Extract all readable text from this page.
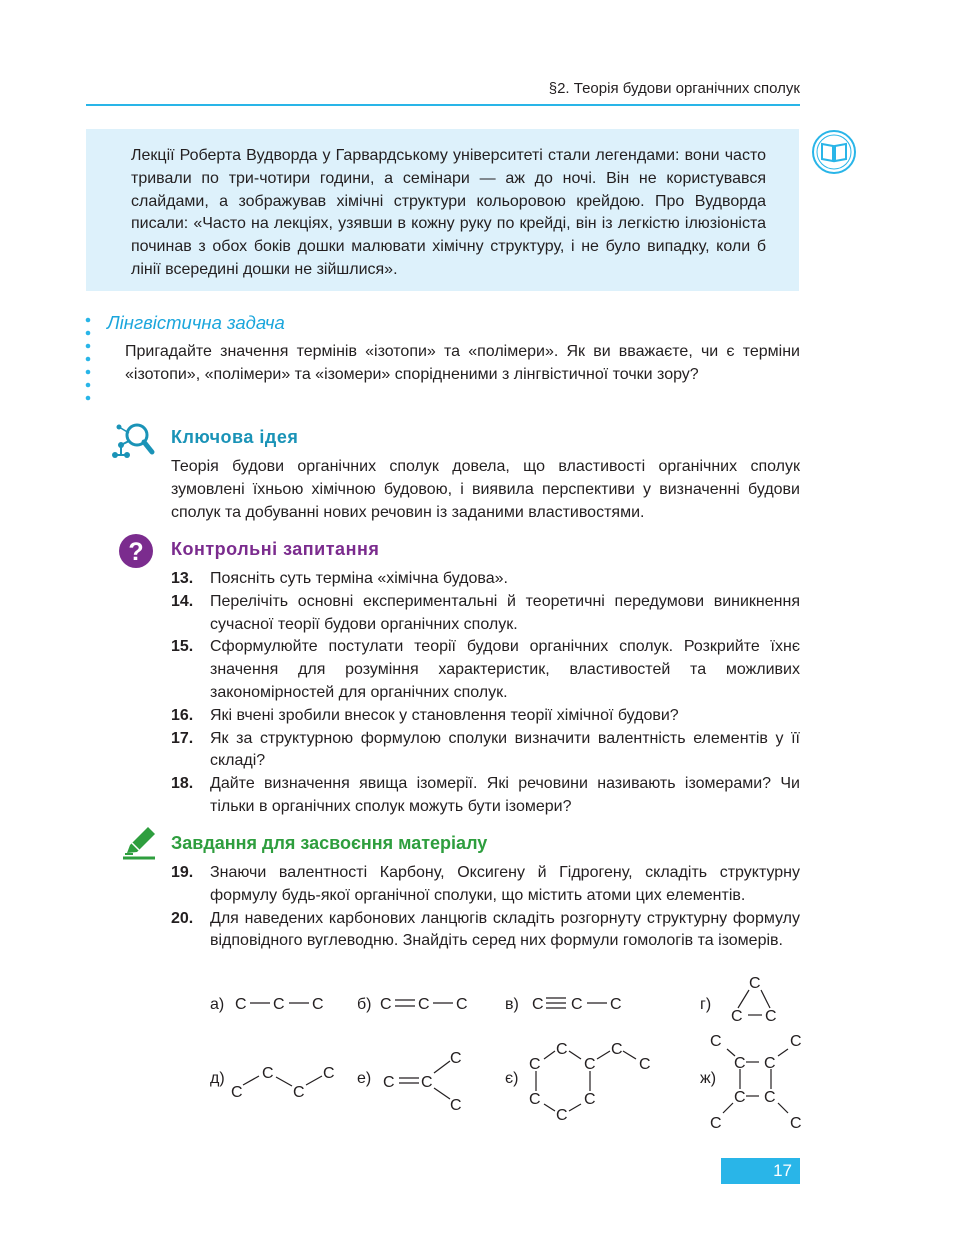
§2. Теорія будови органічних сполук
Лекції Роберта Вудворда у Гарвардському університеті стали легендами: вони часто тривали по три-чотири години, а семінари — аж до ночі. Він не користувався слайдами, а зображував хімічні структури кольоровою крейдою. Про Вудворда писали: «Часто на лекціях, узявши в кожну руку по крейді, він із легкістю ілюзіоніста починав з обох боків дошки малювати хімічну структуру, і не було випадку, коли б лінії всередині дошки не зійшлися».
Лінгвістична задача
Пригадайте значення термінів «ізотопи» та «полімери». Як ви вважаєте, чи є терміни «ізотопи», «полімери» та «ізомери» спорідненими з лінгвістичної точки зору?
Ключова ідея
Теорія будови органічних сполук довела, що властивості органічних сполук зумовлені їхньою хімічною будовою, і виявила перспективи у визначенні будови сполук та добуванні нових речовин із заданими властивостями.
? Контрольні запитання
13.	Поясніть суть терміна «хімічна будова».
14.	Перелічіть основні експериментальні й теоретичні передумови виникнення сучасної теорії будови органічних сполук.
15.	Сформулюйте постулати теорії будови органічних сполук. Розкрийте їхнє значення для розуміння характеристик, властивостей та можливих закономірностей для органічних сполук.
16.	Які вчені зробили внесок у становлення теорії хімічної будови?
17.	Як за структурною формулою сполуки визначити валентність елементів у її складі?
18.	Дайте визначення явища ізомерії. Які речовини називають ізомерами? Чи тільки в органічних сполук можуть бути ізомери?
Завдання для засвоєння матеріалу
19.	Знаючи валентності Карбону, Оксигену й Гідрогену, складіть структурну формулу будь-якої органічної сполуки, що містить атоми цих елементів.
20.	Для наведених карбонових ланцюгів складіть розгорнуту структурну формулу відповідного вуглеводню. Знайдіть серед них формули гомологів та ізомерів.
а)	б)	в)	г)
д)	е)	є)	ж)
C C C	C C C	C C C
C
C C
C
C
C
C
C C
C
C
C
C	C
C	C
C
C
C
C	C
C C
C C
C	C
17
